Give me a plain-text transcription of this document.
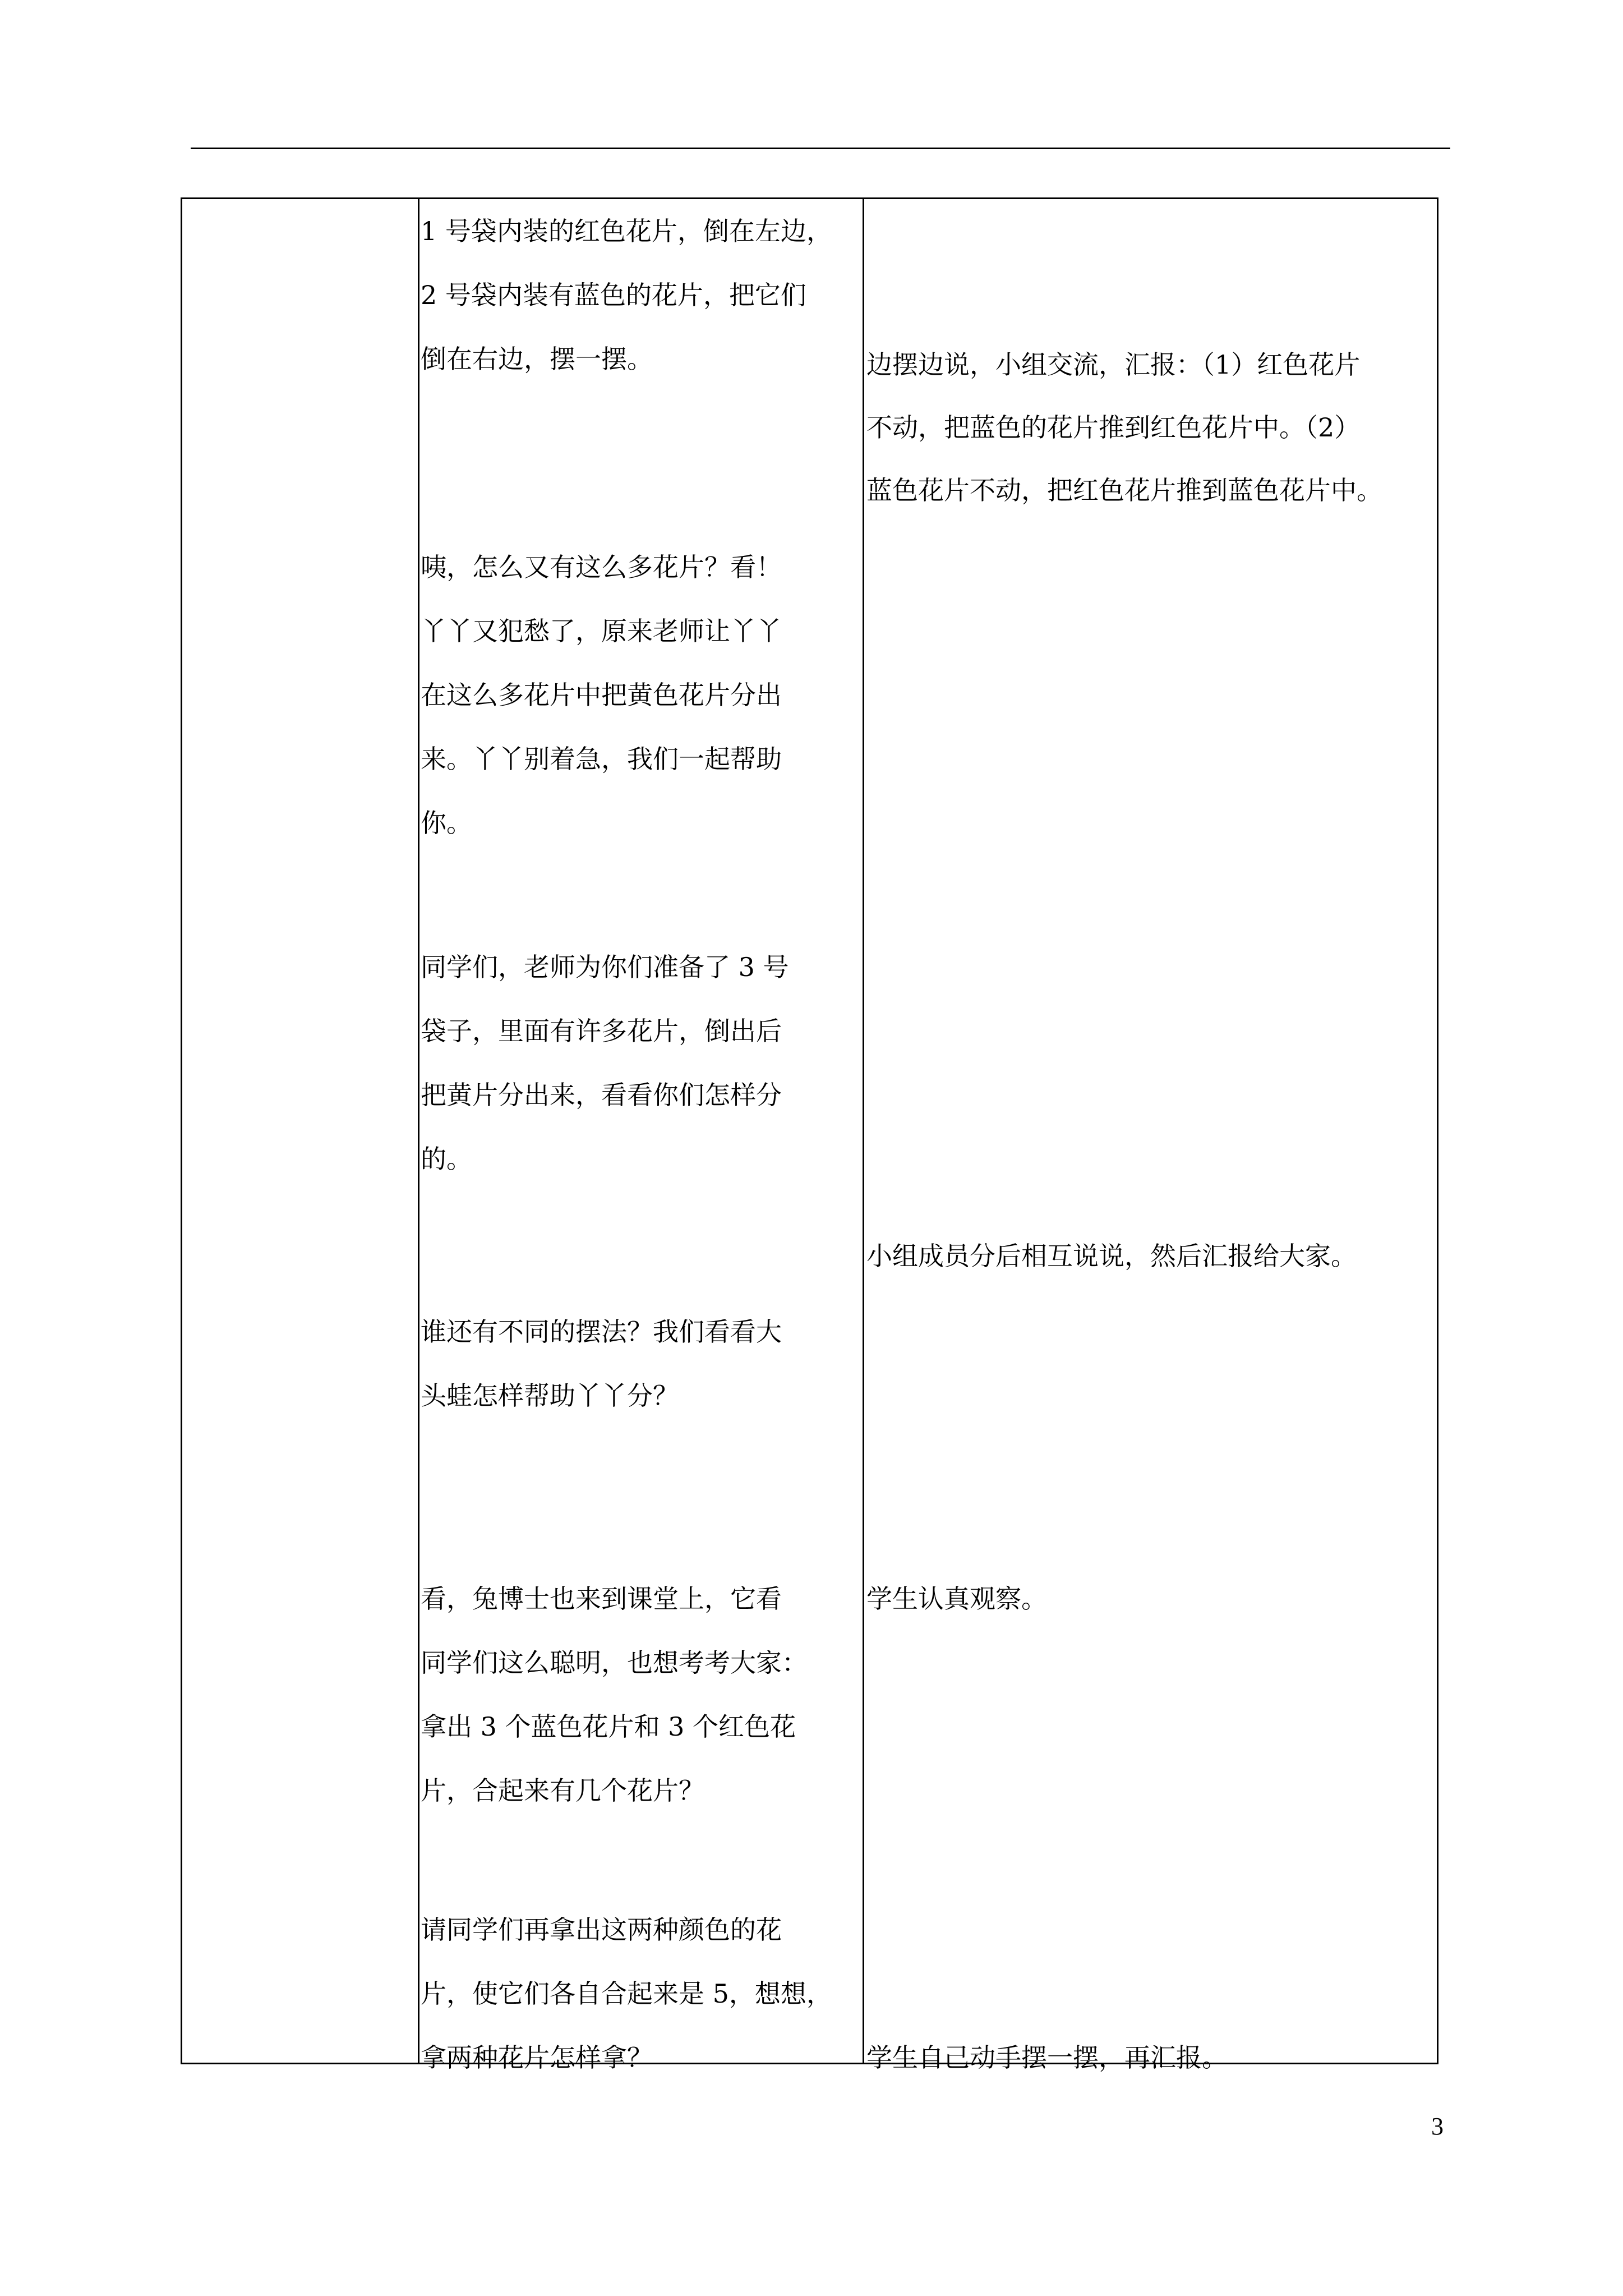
1 号袋内装的红色花片，倒在左边，
2 号袋内装有蓝色的花片，把它们
倒在右边，摆一摆。
咦，怎么又有这么多花片？看！
丫丫又犯愁了，原来老师让丫丫
在这么多花片中把黄色花片分出
来。丫丫别着急，我们一起帮助
你。
同学们，老师为你们准备了 3 号
袋子，里面有许多花片，倒出后
把黄片分出来，看看你们怎样分
的。
谁还有不同的摆法？我们看看大
头蛙怎样帮助丫丫分？
看，兔博士也来到课堂上，它看
同学们这么聪明，也想考考大家：
拿出 3 个蓝色花片和 3 个红色花
片，合起来有几个花片？
请同学们再拿出这两种颜色的花
片，使它们各自合起来是 5，想想，
拿两种花片怎样拿？
边摆边说，小组交流，汇报：（1）红色花片
不动，把蓝色的花片推到红色花片中。（2）
蓝色花片不动，把红色花片推到蓝色花片中。
小组成员分后相互说说，然后汇报给大家。
学生认真观察。
学生自己动手摆一摆，再汇报。
3
